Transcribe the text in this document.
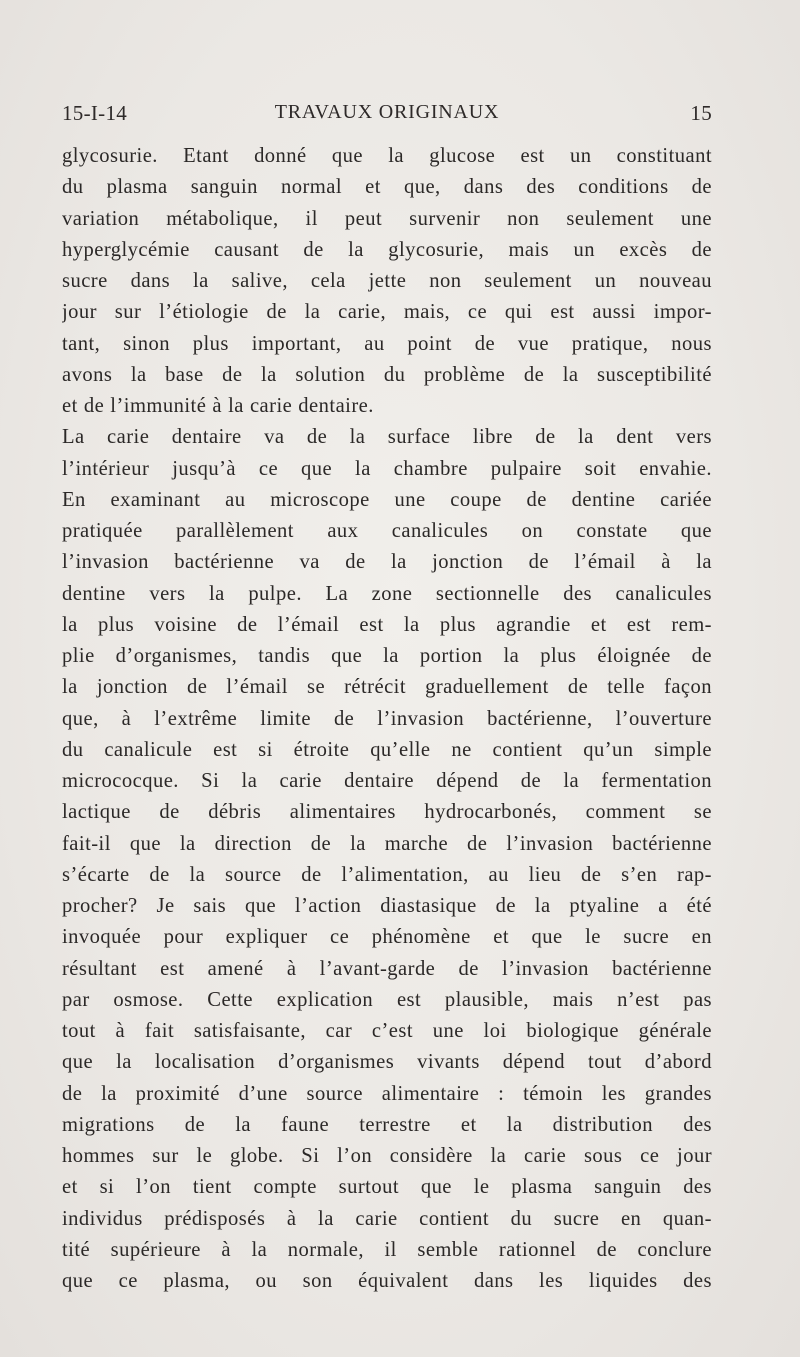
15-I-14	TRAVAUX ORIGINAUX	15
glycosurie. Etant donné que la glucose est un constituant
du plasma sanguin normal et que, dans des conditions de
variation métabolique, il peut survenir non seulement une
hyperglycémie causant de la glycosurie, mais un excès de
sucre dans la salive, cela jette non seulement un nouveau
jour sur l’étiologie de la carie, mais, ce qui est aussi impor-
tant, sinon plus important, au point de vue pratique, nous
avons la base de la solution du problème de la susceptibilité
et de l’immunité à la carie dentaire.
La carie dentaire va de la surface libre de la dent vers
l’intérieur jusqu’à ce que la chambre pulpaire soit envahie.
En examinant au microscope une coupe de dentine cariée
pratiquée parallèlement aux canalicules on constate que
l’invasion bactérienne va de la jonction de l’émail à la
dentine vers la pulpe. La zone sectionnelle des canalicules
la plus voisine de l’émail est la plus agrandie et est rem-
plie d’organismes, tandis que la portion la plus éloignée de
la jonction de l’émail se rétrécit graduellement de telle façon
que, à l’extrême limite de l’invasion bactérienne, l’ouverture
du canalicule est si étroite qu’elle ne contient qu’un simple
micrococque. Si la carie dentaire dépend de la fermentation
lactique de débris alimentaires hydrocarbonés, comment se
fait-il que la direction de la marche de l’invasion bactérienne
s’écarte de la source de l’alimentation, au lieu de s’en rap-
procher? Je sais que l’action diastasique de la ptyaline a été
invoquée pour expliquer ce phénomène et que le sucre en
résultant est amené à l’avant-garde de l’invasion bactérienne
par osmose. Cette explication est plausible, mais n’est pas
tout à fait satisfaisante, car c’est une loi biologique générale
que la localisation d’organismes vivants dépend tout d’abord
de la proximité d’une source alimentaire : témoin les grandes
migrations de la faune terrestre et la distribution des
hommes sur le globe. Si l’on considère la carie sous ce jour
et si l’on tient compte surtout que le plasma sanguin des
individus prédisposés à la carie contient du sucre en quan-
tité supérieure à la normale, il semble rationnel de conclure
que ce plasma, ou son équivalent dans les liquides des
